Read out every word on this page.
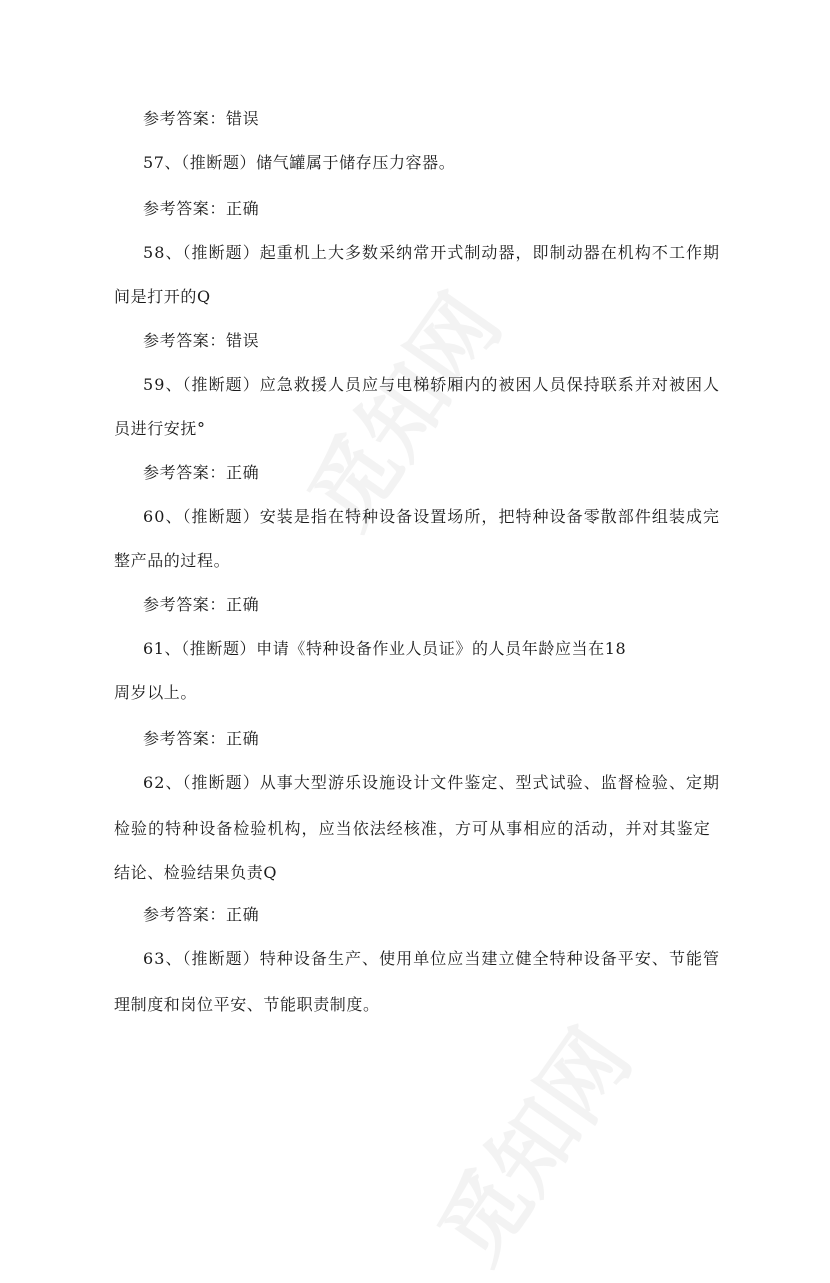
参考答案：错误
57、（推断题）储气罐属于储存压力容器。
参考答案：正确
58、（推断题）起重机上大多数采纳常开式制动器，即制动器在机构不工作期
间是打开的Q
参考答案：错误
59、（推断题）应急救援人员应与电梯轿厢内的被困人员保持联系并对被困人
员进行安抚°
参考答案：正确
60、（推断题）安装是指在特种设备设置场所，把特种设备零散部件组装成完
整产品的过程。
参考答案：正确
61、（推断题）申请《特种设备作业人员证》的人员年龄应当在18
周岁以上。
参考答案：正确
62、（推断题）从事大型游乐设施设计文件鉴定、型式试验、监督检验、定期
检验的特种设备检验机构，应当依法经核准，方可从事相应的活动，并对其鉴定
结论、检验结果负责Q
参考答案：正确
63、（推断题）特种设备生产、使用单位应当建立健全特种设备平安、节能管
理制度和岗位平安、节能职责制度。
